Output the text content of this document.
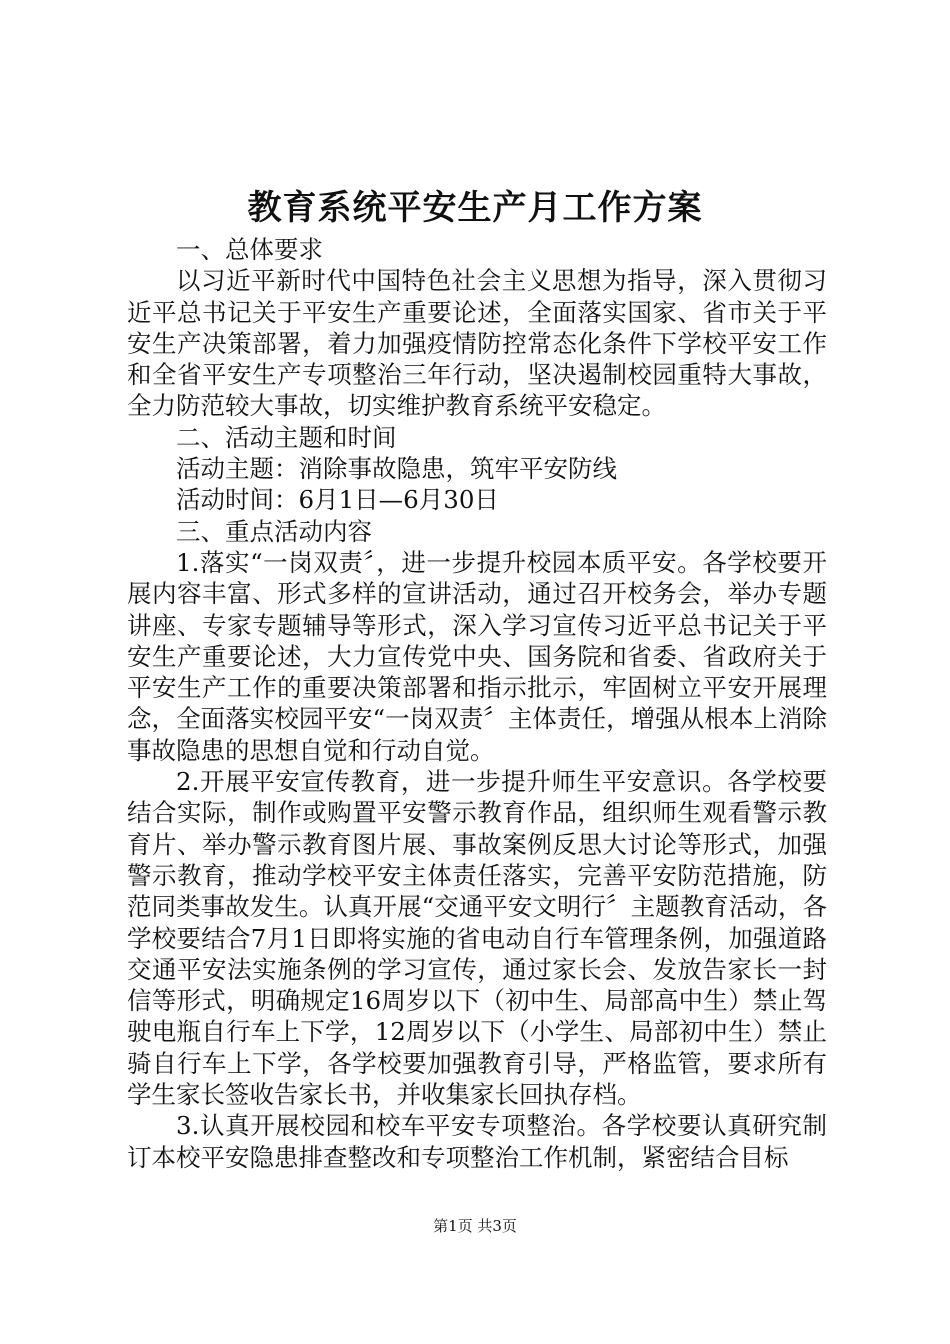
教育系统平安生产月工作方案

一、总体要求

以习近平新时代中国特色社会主义思想为指导，深入贯彻习近平总书记关于平安生产重要论述，全面落实国家、省市关于平安生产决策部署，着力加强疫情防控常态化条件下学校平安工作和全省平安生产专项整治三年行动，坚决遏制校园重特大事故，全力防范较大事故，切实维护教育系统平安稳定。

二、活动主题和时间

活动主题：消除事故隐患，筑牢平安防线

活动时间：6月1日—6月30日

三、重点活动内容

1.落实“一岗双责〞，进一步提升校园本质平安。各学校要开展内容丰富、形式多样的宣讲活动，通过召开校务会，举办专题讲座、专家专题辅导等形式，深入学习宣传习近平总书记关于平安生产重要论述，大力宣传党中央、国务院和省委、省政府关于平安生产工作的重要决策部署和指示批示，牢固树立平安开展理念，全面落实校园平安“一岗双责〞主体责任，增强从根本上消除事故隐患的思想自觉和行动自觉。

2.开展平安宣传教育，进一步提升师生平安意识。各学校要结合实际，制作或购置平安警示教育作品，组织师生观看警示教育片、举办警示教育图片展、事故案例反思大讨论等形式，加强警示教育，推动学校平安主体责任落实，完善平安防范措施，防范同类事故发生。认真开展“交通平安文明行〞主题教育活动，各学校要结合7月1日即将实施的省电动自行车管理条例，加强道路交通平安法实施条例的学习宣传，通过家长会、发放告家长一封信等形式，明确规定16周岁以下（初中生、局部高中生）禁止驾驶电瓶自行车上下学，12周岁以下（小学生、局部初中生）禁止骑自行车上下学，各学校要加强教育引导，严格监管，要求所有学生家长签收告家长书，并收集家长回执存档。

3.认真开展校园和校车平安专项整治。各学校要认真研究制订本校平安隐患排查整改和专项整治工作机制，紧密结合目标

第1页 共3页
